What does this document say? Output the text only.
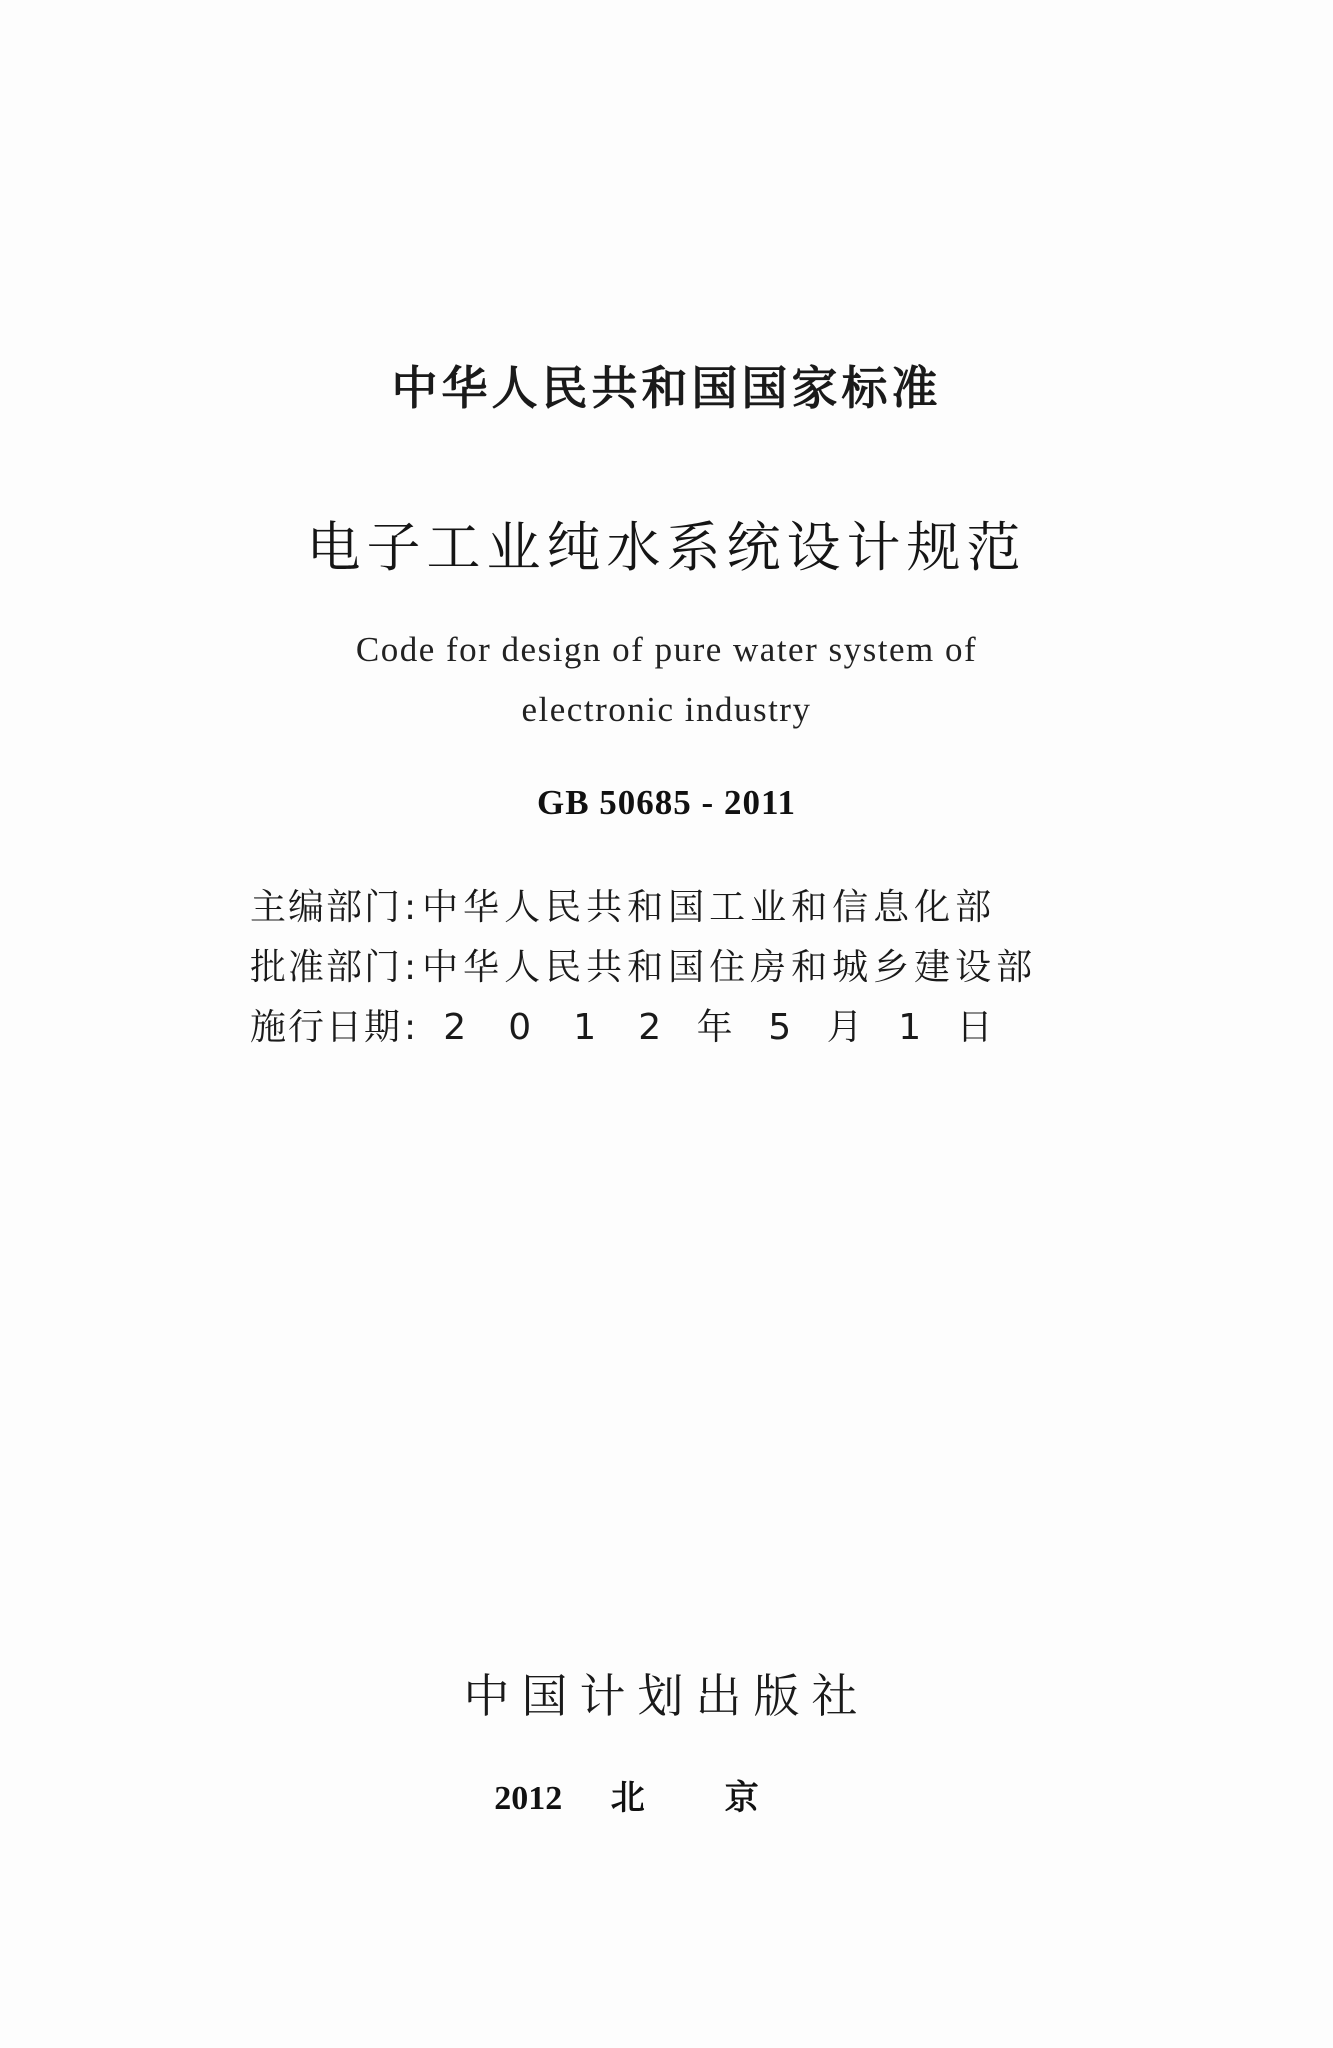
中华人民共和国国家标准
电子工业纯水系统设计规范
Code for design of pure water system of
electronic industry
GB 50685 - 2011
主编部门 : 中华人民共和国工业和信息化部
批准部门 : 中华人民共和国住房和城乡建设部
施行日期 : 2	0	1	2 年 5 月 1 日
中国计划出版社
2012 北京
